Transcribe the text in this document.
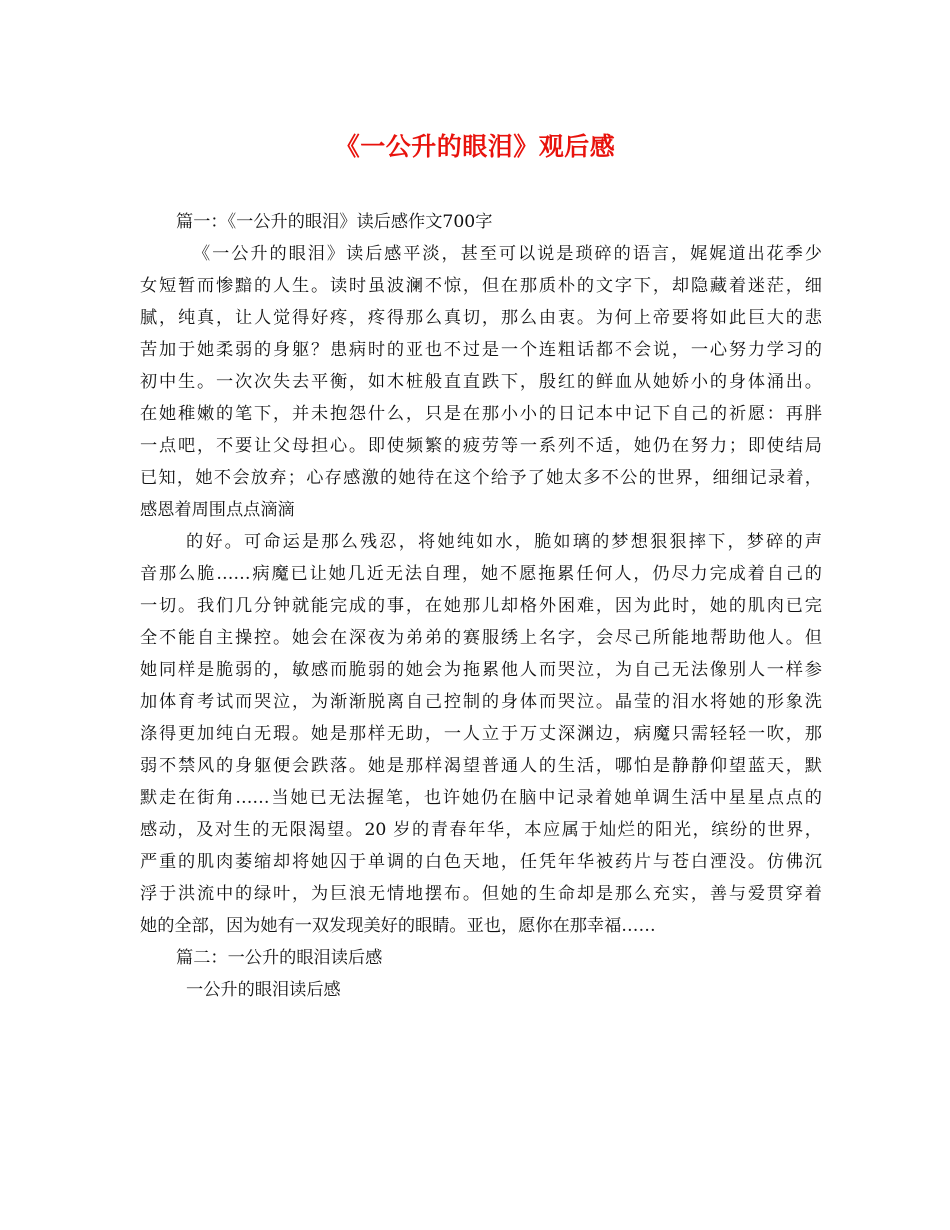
《一公升的眼泪》观后感
篇一：《一公升的眼泪》读后感作文700字
《一公升的眼泪》读后感平淡，甚至可以说是琐碎的语言，娓娓道出花季少
女短暂而惨黯的人生。读时虽波澜不惊，但在那质朴的文字下，却隐藏着迷茫，细
腻，纯真，让人觉得好疼，疼得那么真切，那么由衷。为何上帝要将如此巨大的悲
苦加于她柔弱的身躯？患病时的亚也不过是一个连粗话都不会说，一心努力学习的
初中生。一次次失去平衡，如木桩般直直跌下，殷红的鲜血从她娇小的身体涌出。
在她稚嫩的笔下，并未抱怨什么，只是在那小小的日记本中记下自己的祈愿：再胖
一点吧，不要让父母担心。即使频繁的疲劳等一系列不适，她仍在努力；即使结局
已知，她不会放弃；心存感激的她待在这个给予了她太多不公的世界，细细记录着，
感恩着周围点点滴滴
的好。可命运是那么残忍，将她纯如水，脆如璃的梦想狠狠摔下，梦碎的声
音那么脆……病魔已让她几近无法自理，她不愿拖累任何人，仍尽力完成着自己的
一切。我们几分钟就能完成的事，在她那儿却格外困难，因为此时，她的肌肉已完
全不能自主操控。她会在深夜为弟弟的赛服绣上名字，会尽己所能地帮助他人。但
她同样是脆弱的，敏感而脆弱的她会为拖累他人而哭泣，为自己无法像别人一样参
加体育考试而哭泣，为渐渐脱离自己控制的身体而哭泣。晶莹的泪水将她的形象洗
涤得更加纯白无瑕。她是那样无助，一人立于万丈深渊边，病魔只需轻轻一吹，那
弱不禁风的身躯便会跌落。她是那样渴望普通人的生活，哪怕是静静仰望蓝天，默
默走在街角……当她已无法握笔，也许她仍在脑中记录着她单调生活中星星点点的
感动，及对生的无限渴望。20 岁的青春年华，本应属于灿烂的阳光，缤纷的世界，
严重的肌肉萎缩却将她囚于单调的白色天地，任凭年华被药片与苍白湮没。仿佛沉
浮于洪流中的绿叶，为巨浪无情地摆布。但她的生命却是那么充实，善与爱贯穿着
她的全部，因为她有一双发现美好的眼睛。亚也，愿你在那幸福……
篇二：一公升的眼泪读后感
一公升的眼泪读后感
